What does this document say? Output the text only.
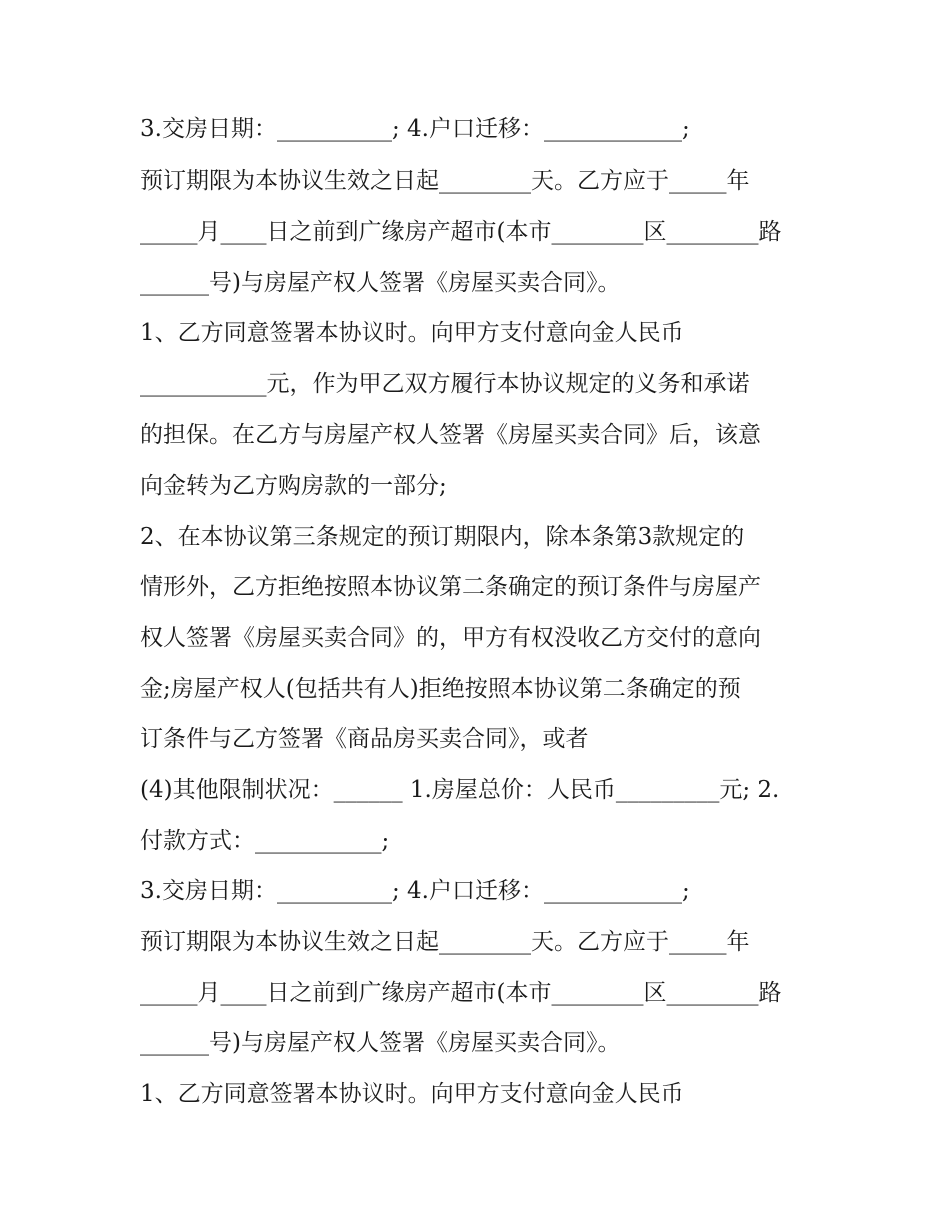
3.交房日期：__________; 4.户口迁移：____________;
预订期限为本协议生效之日起________天。乙方应于_____年
_____月____日之前到广缘房产超市(本市________区________路
______号)与房屋产权人签署《房屋买卖合同》。
1、乙方同意签署本协议时。向甲方支付意向金人民币
___________元，作为甲乙双方履行本协议规定的义务和承诺
的担保。在乙方与房屋产权人签署《房屋买卖合同》后，该意
向金转为乙方购房款的一部分;
2、在本协议第三条规定的预订期限内，除本条第3款规定的
情形外，乙方拒绝按照本协议第二条确定的预订条件与房屋产
权人签署《房屋买卖合同》的，甲方有权没收乙方交付的意向
金;房屋产权人(包括共有人)拒绝按照本协议第二条确定的预
订条件与乙方签署《商品房买卖合同》，或者
(4)其他限制状况：______ 1.房屋总价：人民币_________元; 2.
付款方式：___________;
3.交房日期：__________; 4.户口迁移：____________;
预订期限为本协议生效之日起________天。乙方应于_____年
_____月____日之前到广缘房产超市(本市________区________路
______号)与房屋产权人签署《房屋买卖合同》。
1、乙方同意签署本协议时。向甲方支付意向金人民币
